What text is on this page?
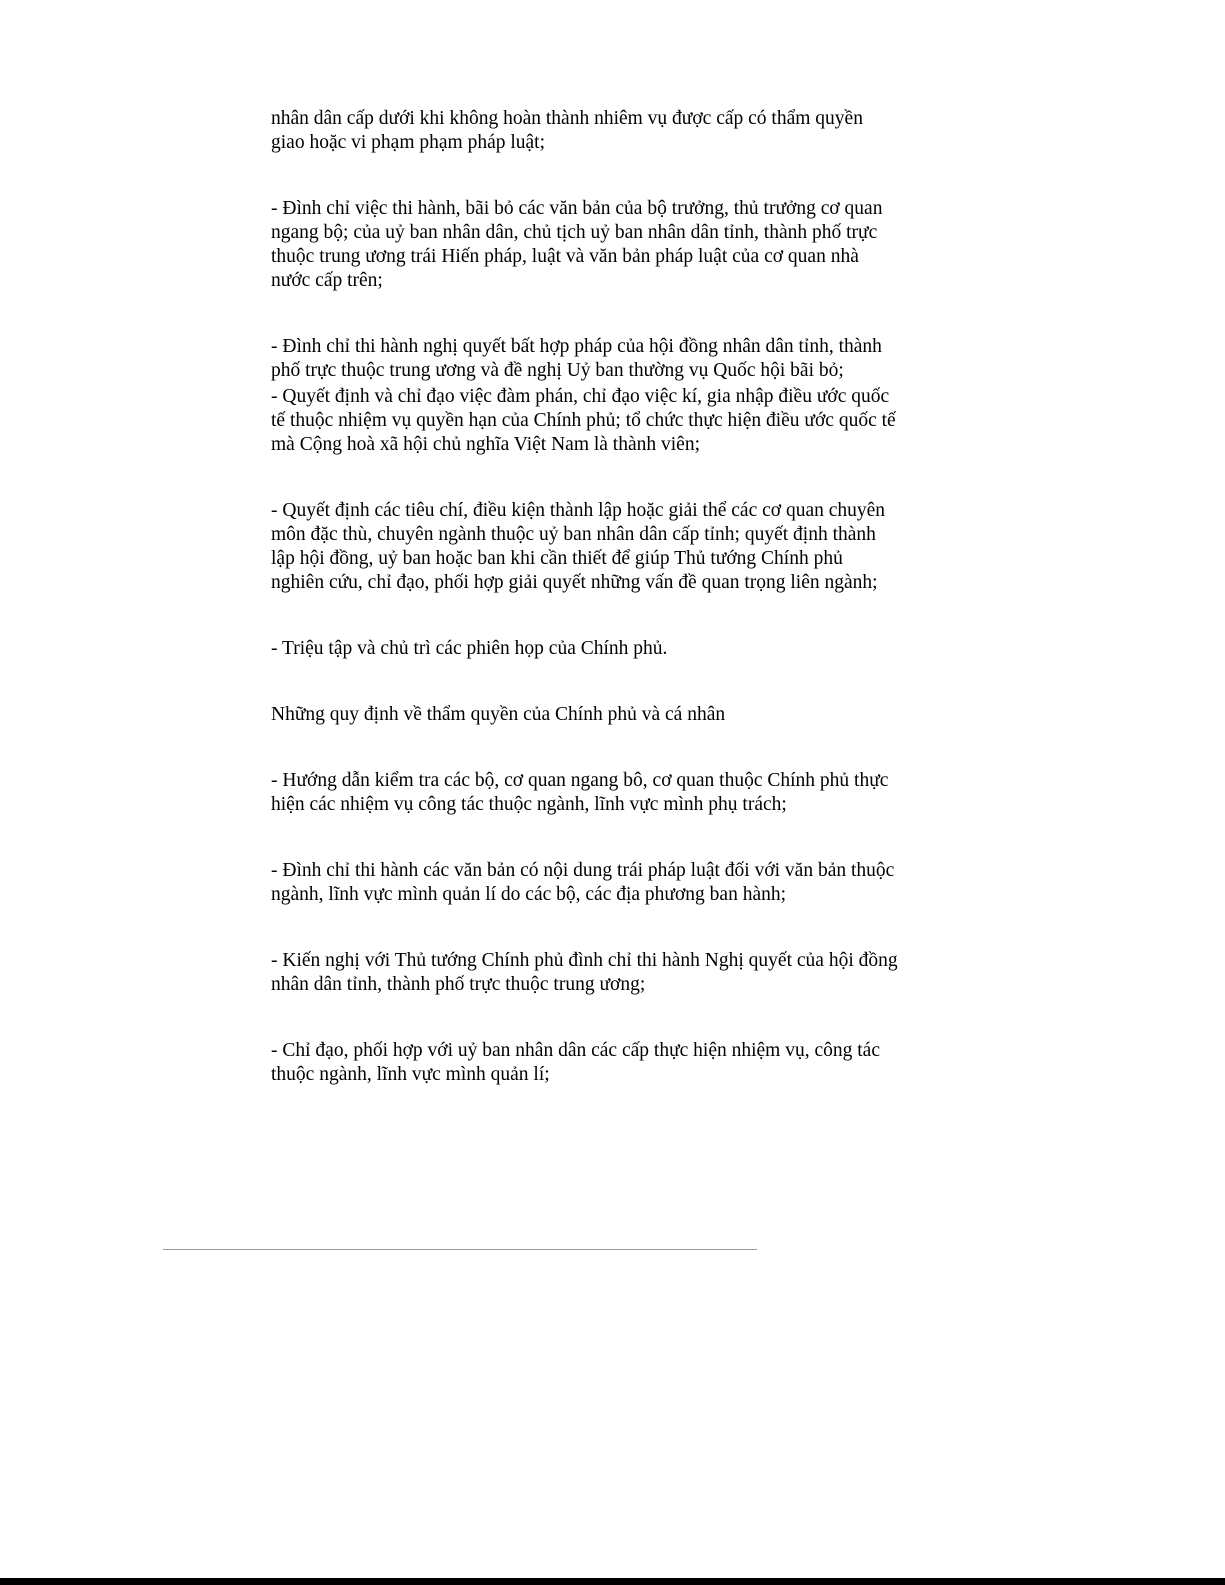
nhân dân cấp dưới khi không hoàn thành nhiêm vụ được cấp có thẩm quyền
giao hoặc vi phạm phạm pháp luật;

- Đình chỉ việc thi hành, bãi bỏ các văn bản của bộ trưởng, thủ trưởng cơ quan
ngang bộ; của uỷ ban nhân dân, chủ tịch uỷ ban nhân dân tỉnh, thành phố trực
thuộc trung ương trái Hiến pháp, luật và văn bản pháp luật của cơ quan nhà
nước cấp trên;

- Đình chỉ thi hành nghị quyết bất hợp pháp của hội đồng nhân dân tỉnh, thành
phố trực thuộc trung ương và đề nghị Uỷ ban thường vụ Quốc hội bãi bỏ;

- Quyết định và chỉ đạo việc đàm phán, chỉ đạo việc kí, gia nhập điều ước quốc
tế thuộc nhiệm vụ quyền hạn của Chính phủ; tổ chức thực hiện điều ước quốc tế
mà Cộng hoà xã hội chủ nghĩa Việt Nam là thành viên;

- Quyết định các tiêu chí, điều kiện thành lập hoặc giải thể các cơ quan chuyên
môn đặc thù, chuyên ngành thuộc uỷ ban nhân dân cấp tỉnh; quyết định thành
lập hội đồng, uỷ ban hoặc ban khi cần thiết để giúp Thủ tướng Chính phủ
nghiên cứu, chỉ đạo, phối hợp giải quyết những vấn đề quan trọng liên ngành;

- Triệu tập và chủ trì các phiên họp của Chính phủ.

Những quy định về thẩm quyền của Chính phủ và cá nhân

- Hướng dẫn kiểm tra các bộ, cơ quan ngang bô, cơ quan thuộc Chính phủ thực
hiện các nhiệm vụ công tác thuộc ngành, lĩnh vực mình phụ trách;

- Đình chỉ thi hành các văn bản có nội dung trái pháp luật đối với văn bản thuộc
ngành, lĩnh vực mình quản lí do các bộ, các địa phương ban hành;

- Kiến nghị với Thủ tướng Chính phủ đình chỉ thi hành Nghị quyết của hội đồng
nhân dân tỉnh, thành phố trực thuộc trung ương;

- Chỉ đạo, phối hợp với uỷ ban nhân dân các cấp thực hiện nhiệm vụ, công tác
thuộc ngành, lĩnh vực mình quản lí;
